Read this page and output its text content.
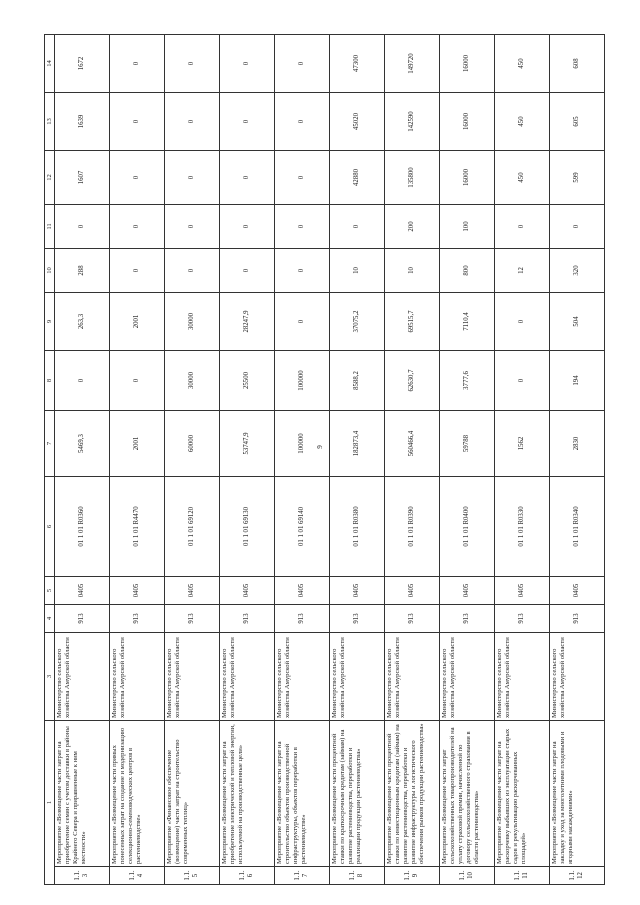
9
1		3	4	5	6	7	8	9	10	11	12	13	14
1.1.3	Мероприятие «Возмещение части затрат на приобретение семян с учетом доставки в районы Крайнего Севера и приравненные к ним местности»	Министерство сельского хозяйства Амурской области	913	0405	01 1 01 R0360	5469,3	0	263,3	288	0	1607	1639	1672
1.1.4	Мероприятие «Возмещение части прямых понесенных затрат на создание и модернизацию селекционно-семеноводческих центров в растениеводстве»	Министерство сельского хозяйства Амурской области	913	0405	01 1 01 R4470	2001	0	2001	0	0	0	0	0
1.1.5	Мероприятие «Финансовое обеспечение (возмещение) части затрат на строительство современных теплиц»	Министерство сельского хозяйства Амурской области	913	0405	01 1 01 69120	60000	30000	30000	0	0	0	0	0
1.1.6	Мероприятие «Возмещение части затрат на приобретение электрической и тепловой энергии, используемой на производственные цели»	Министерство сельского хозяйства Амурской области	913	0405	01 1 01 69130	53747,9	25500	28247,9	0	0	0	0	0
1.1.7	Мероприятие «Возмещение части затрат на строительство объектов производственной инфраструктуры, объектов переработки в растениеводстве»	Министерство сельского хозяйства Амурской области	913	0405	01 1 01 69140	100000	100000	0	0	0	0	0	0
1.1.8	Мероприятие «Возмещение части процентной ставки по краткосрочным кредитам (займам) на развитие растениеводства, переработки и реализации продукции растениеводства»	Министерство сельского хозяйства Амурской области	913	0405	01 1 01 R0380	182873,4	8588,2	37075,2	10	0	42880	45020	47300
1.1.9	Мероприятие «Возмещение части процентной ставки по инвестиционным кредитам (займам) на развитие растениеводства, переработки и развитие инфраструктуры и логистического обеспечения рынков продукции растениеводства»	Министерство сельского хозяйства Амурской области	913	0405	01 1 01 R0390	560466,4	62630,7	69515,7	10	200	135800	142590	149720
1.1.10	Мероприятие «Возмещение части затрат сельскохозяйственных товаропроизводителей на уплату страховой премии, начисленной по договору сельскохозяйственного страхования в области растениеводства»	Министерство сельского хозяйства Амурской области	913	0405	01 1 01 R0400	59788	3777,6	7110,4	800	100	16000	16000	16000
1.1.11	Мероприятие «Возмещение части затрат на раскорчевку выбывших из эксплуатации старых садов и рекультивацию раскорчеванных площадей»	Министерство сельского хозяйства Амурской области	913	0405	01 1 01 R0330	1562	0	0	12	0	450	450	450
1.1.12	Мероприятие «Возмещение части затрат на закладку и уход за многолетними плодовыми и ягодными насаждениями»	Министерство сельского хозяйства Амурской области	913	0405	01 1 01 R0340	2830	194	504	320	0	599	605	608
